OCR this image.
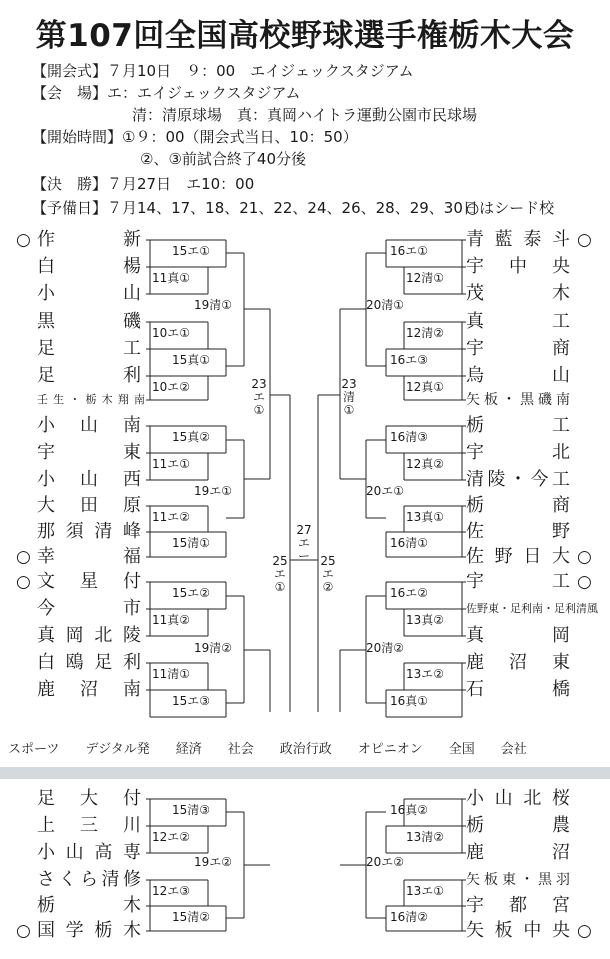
第107回全国高校野球選手権栃木大会
【開会式】７月10日　９：00　エイジェックスタジアム
【会　場】エ：エイジェックスタジアム
清：清原球場　真：真岡ハイトラ運動公園市民球場
【開始時間】①９：00（開会式当日、10：50）
②、③前試合終了40分後
【決　勝】７月27日　エ10：00
【予備日】７月14、17、18、21、22、24、26、28、29、30日
○はシード校
作新
○
白楊
小山
黒磯
足工
足利
壬生・栃木翔南
小山南
宇東
小山西
大田原
那須清峰
幸福
○
文星付
○
今市
真岡北陵
白鴎足利
鹿沼南
足大付
上三川
小山高専
さくら清修
栃木
国学栃木
○
青藍泰斗 ○
宇中央
茂木
真工
宇商
烏山
矢板・黒磯南
栃工
宇北
清陵・今工
栃商
佐野
佐野日大 ○
宇工 ○
佐野東・足利南・足利清風
真岡
鹿沼東
石橋
小山北桜
栃農
鹿沼
矢板東・黒羽
宇都宮
矢板中央 ○
15エ①
11真①
10エ①
15真①
10エ②
15真②
11エ①
11エ②
15清①
15エ②
11真②
11清①
15エ③
15清③
12エ②
12エ③
15清②
19清①
19エ①
19清②
19エ②
23
エ
①
25
エ
①
23
清
①
25
エ
②
27
エ
ー
16エ①
12清①
12清②
16エ③
12真①
16清③
12真②
13真①
16清①
16エ②
13真②
13エ②
16真①
16真②
13清②
13エ①
16清②
20清①
20エ①
20清②
20エ②
スポーツ デジタル発 経済 社会 政治行政 オピニオン 全国 会社
